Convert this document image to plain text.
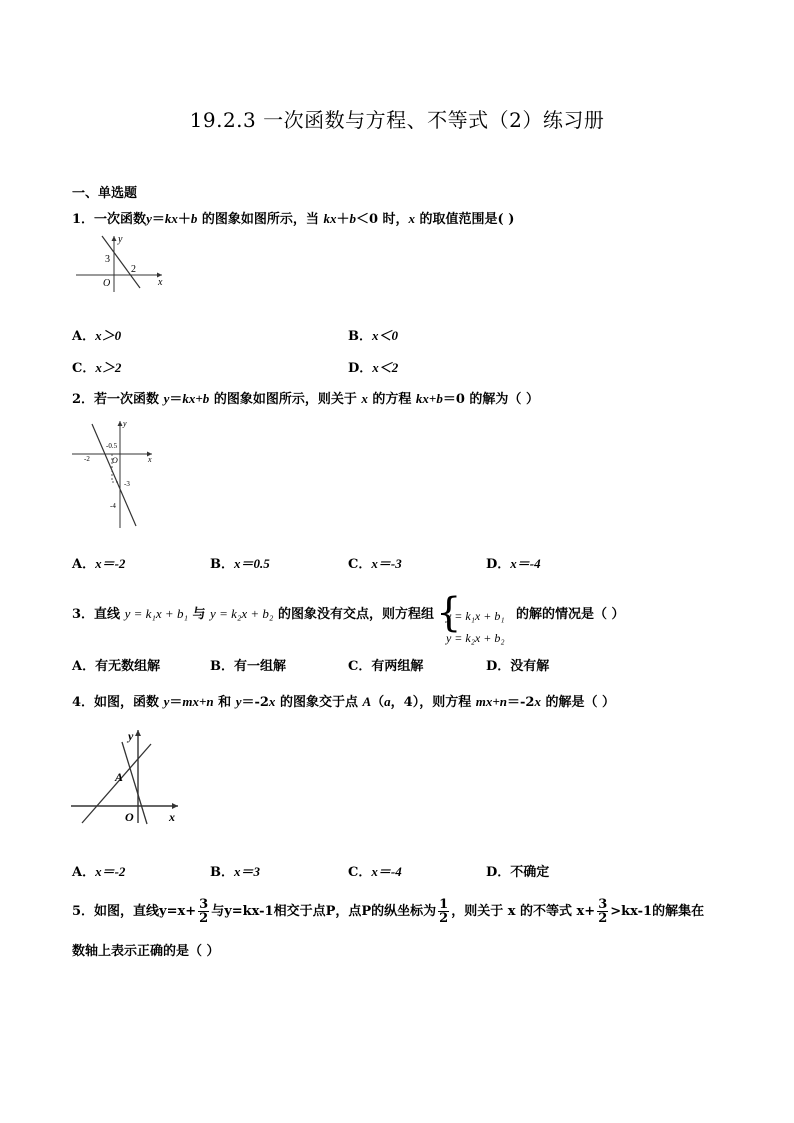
19.2.3 一次函数与方程、不等式（2）练习册
一、单选题
1．一次函数y＝kx＋b 的图象如图所示，当 kx＋b＜0 时，x 的取值范围是( )
y
x
O
3
2
A．x＞0	B．x＜0
C．x＞2	D．x＜2
2．若一次函数 y＝kx+b 的图象如图所示，则关于 x 的方程 kx+b＝0 的解为（ ）
y
x
O
-0.5
-2
-3
-4
A．x＝-2	B．x＝0.5	C．x＝-3	D．x＝-4
3．直线 y = k₁x + b₁ 与 y = k₂x + b₂ 的图象没有交点，则方程组 {
y = k₁x + b₁
y = k₂x + b₂
的解的情况是（ ）
A．有无数组解	B．有一组解	C．有两组解	D．没有解
4．如图，函数 y＝mx+n 和 y＝-2x 的图象交于点 A（a，4），则方程 mx+n＝-2x 的解是（ ）
y
x
O
A
A．x＝-2	B．x＝3	C．x＝-4	D．不确定
5．如图，直线$y=x+ \frac{3}{2}$ 与y=kx-1相交于点P，点P的纵坐标为 $\frac{1}{2}$ ，则关于 x 的不等式 $x+ \frac{3}{2} >kx-1$的解集在
数轴上表示正确的是（ ）
